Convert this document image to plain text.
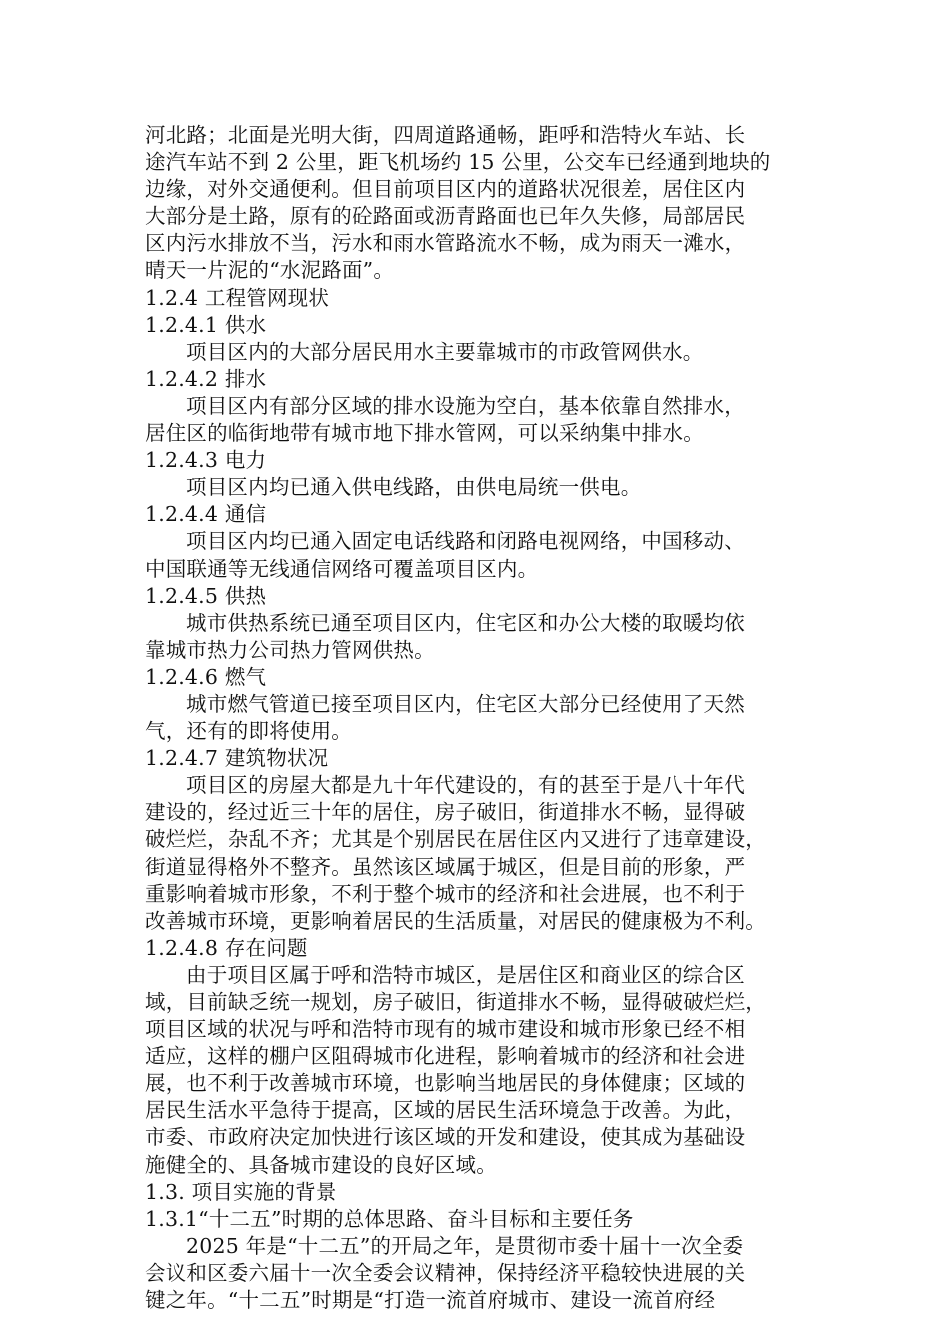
河北路；北面是光明大街，四周道路通畅，距呼和浩特火车站、长
途汽车站不到 2 公里，距飞机场约 15 公里，公交车已经通到地块的
边缘，对外交通便利。但目前项目区内的道路状况很差，居住区内
大部分是土路，原有的砼路面或沥青路面也已年久失修，局部居民
区内污水排放不当，污水和雨水管路流水不畅，成为雨天一滩水，
晴天一片泥的“水泥路面”。
1.2.4 工程管网现状
1.2.4.1 供水
项目区内的大部分居民用水主要靠城市的市政管网供水。
1.2.4.2 排水
项目区内有部分区域的排水设施为空白，基本依靠自然排水，
居住区的临街地带有城市地下排水管网，可以采纳集中排水。
1.2.4.3 电力
项目区内均已通入供电线路，由供电局统一供电。
1.2.4.4 通信
项目区内均已通入固定电话线路和闭路电视网络，中国移动、
中国联通等无线通信网络可覆盖项目区内。
1.2.4.5 供热
城市供热系统已通至项目区内，住宅区和办公大楼的取暖均依
靠城市热力公司热力管网供热。
1.2.4.6 燃气
城市燃气管道已接至项目区内，住宅区大部分已经使用了天然
气，还有的即将使用。
1.2.4.7 建筑物状况
项目区的房屋大都是九十年代建设的，有的甚至于是八十年代
建设的，经过近三十年的居住，房子破旧，街道排水不畅，显得破
破烂烂，杂乱不齐；尤其是个别居民在居住区内又进行了违章建设，
街道显得格外不整齐。虽然该区域属于城区，但是目前的形象，严
重影响着城市形象，不利于整个城市的经济和社会进展，也不利于
改善城市环境，更影响着居民的生活质量，对居民的健康极为不利。
1.2.4.8 存在问题
由于项目区属于呼和浩特市城区，是居住区和商业区的综合区
域，目前缺乏统一规划，房子破旧，街道排水不畅，显得破破烂烂，
项目区域的状况与呼和浩特市现有的城市建设和城市形象已经不相
适应，这样的棚户区阻碍城市化进程，影响着城市的经济和社会进
展，也不利于改善城市环境，也影响当地居民的身体健康；区域的
居民生活水平急待于提高，区域的居民生活环境急于改善。为此，
市委、市政府决定加快进行该区域的开发和建设，使其成为基础设
施健全的、具备城市建设的良好区域。
1.3. 项目实施的背景
1.3.1“十二五”时期的总体思路、奋斗目标和主要任务
2025 年是“十二五”的开局之年，是贯彻市委十届十一次全委
会议和区委六届十一次全委会议精神，保持经济平稳较快进展的关
键之年。“十二五”时期是“打造一流首府城市、建设一流首府经
